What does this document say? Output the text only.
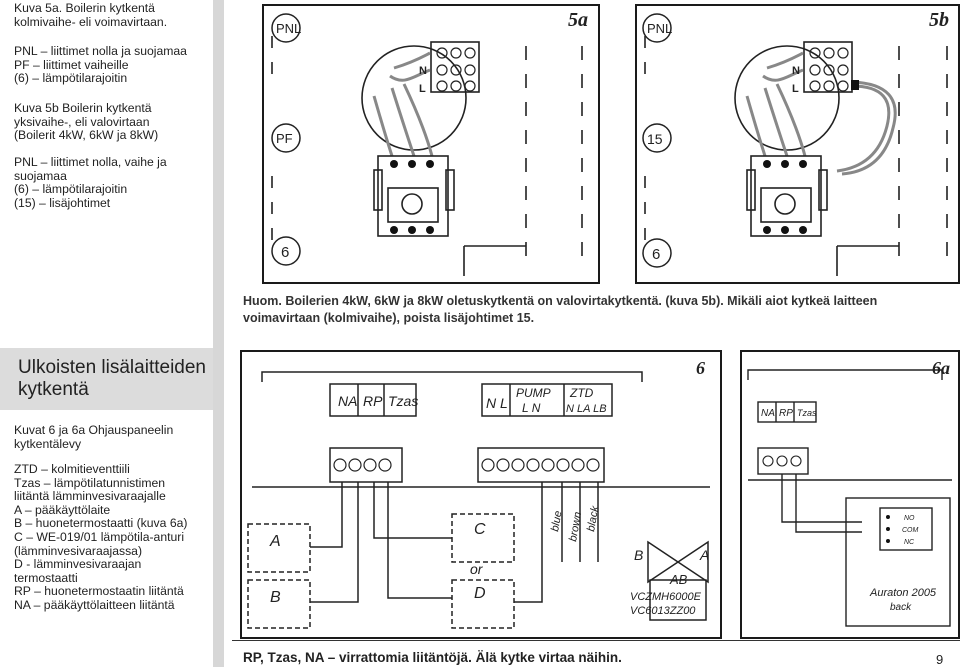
Kuva 5a. Boilerin kytkentä
kolmivaihe- eli voimavirtaan.
PNL – liittimet nolla ja suojamaa
PF – liittimet vaiheille
(6) – lämpötilarajoitin
Kuva 5b Boilerin kytkentä
yksivaihe-, eli valovirtaan
(Boilerit 4kW, 6kW ja 8kW)
PNL – liittimet nolla, vaihe ja
suojamaa
(6) – lämpötilarajoitin
(15) – lisäjohtimet
Ulkoisten lisälaitteiden
kytkentä
Kuvat 6 ja 6a Ohjauspaneelin
kytkentälevy
ZTD – kolmitieventtiili
Tzas – lämpötilatunnistimen
liitäntä lämminvesivaraajalle
A – pääkäyttölaite
B – huonetermostaatti (kuva 6a)
C – WE-019/01 lämpötila-anturi
(lämminvesivaraajassa)
D - lämminvesivaraajan
termostaatti
RP – huonetermostaatin liitäntä
NA – pääkäyttölaitteen liitäntä
PNL
PF
6
N
L
5a	PNL
15
6
N
L
5b
Huom. Boilerien 4kW, 6kW ja 8kW oletuskytkentä on valovirtakytkentä. (kuva 5b). Mikäli aiot kytkeä laitteen voimavirtaan (kolmivaihe), poista lisäjohtimet 15.
NA RP Tzas	N L
PUMP
L N
ZTD
N LA LB
A
B
C
D
or
B	A
AB
VCZMH6000E
VC6013ZZ00
blue brown black
6
NA RP Tzas
NO
COM
NC
Auraton 2005
back
6a
RP, Tzas, NA – virrattomia liitäntöjä. Älä kytke virtaa näihin.	9
